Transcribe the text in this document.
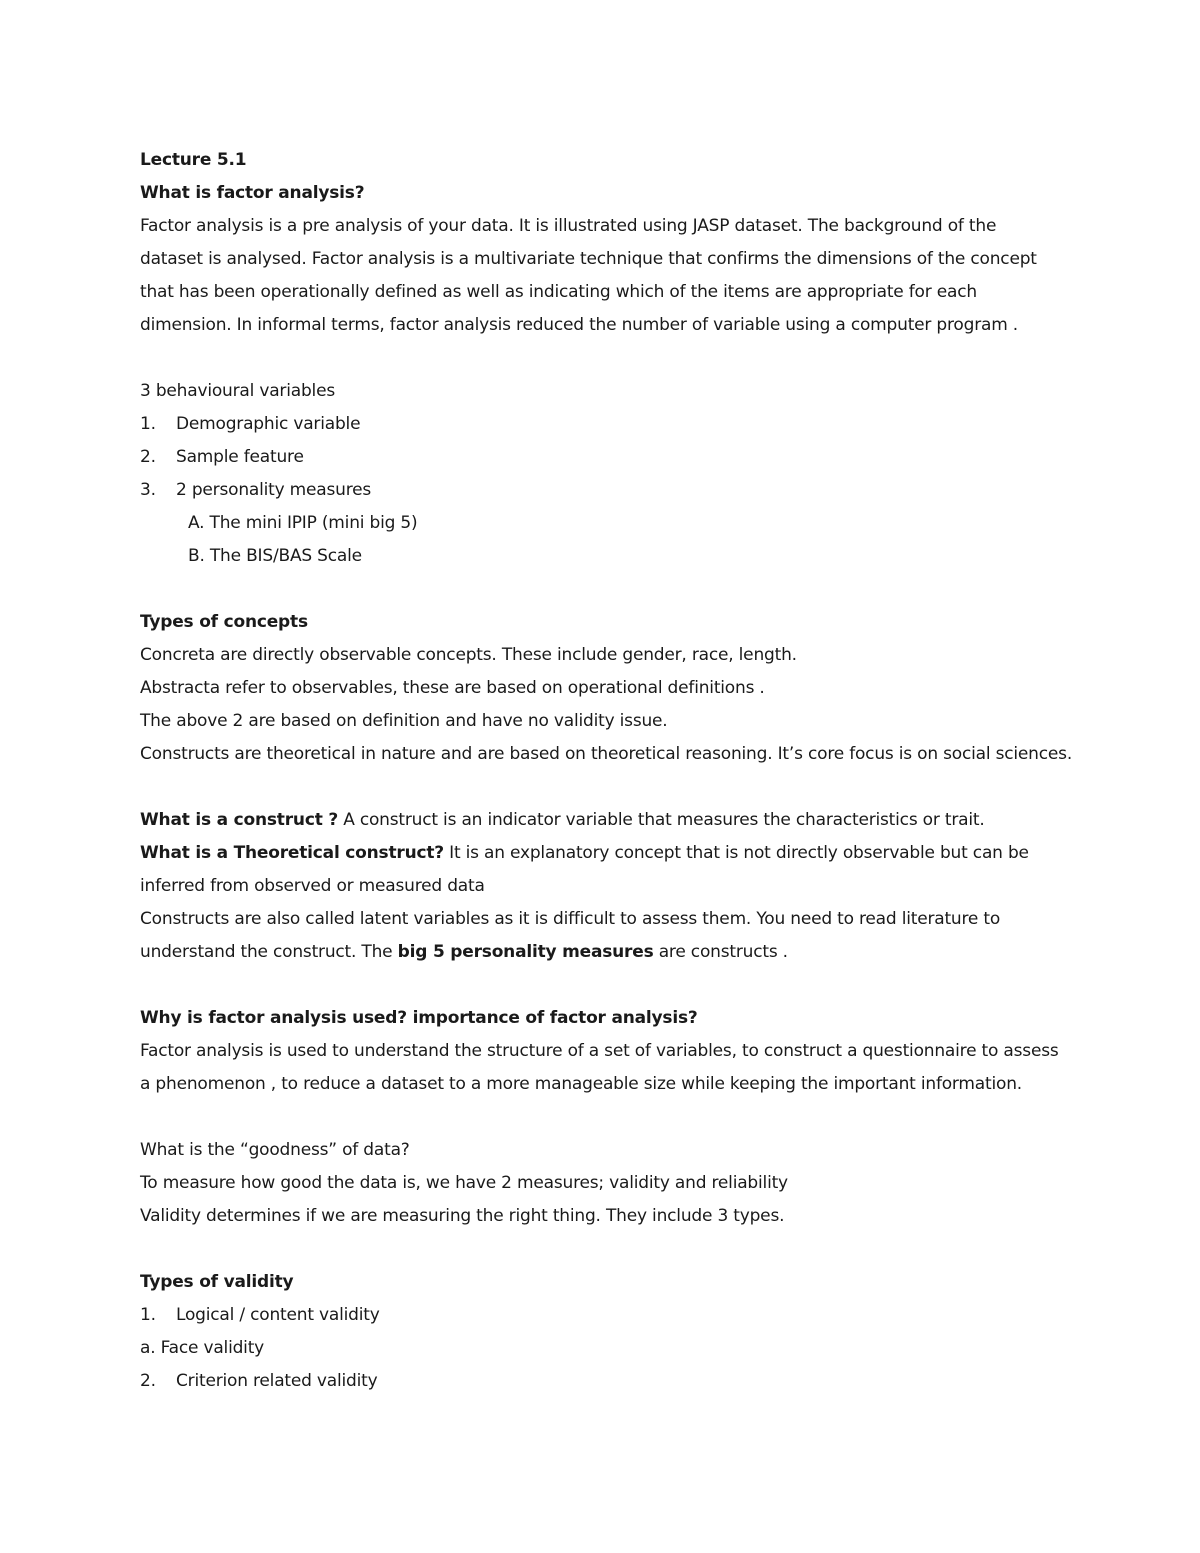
Lecture 5.1

What is factor analysis?

Factor analysis is a pre analysis of your data. It is illustrated using JASP dataset. The background of the dataset is analysed. Factor analysis is a multivariate technique that confirms the dimensions of the concept that has been operationally defined as well as indicating which of the items are appropriate for each dimension. In informal terms, factor analysis reduced the number of variable using a computer program .

3 behavioural variables

1. Demographic variable
2. Sample feature
3. 2 personality measures
A. The mini IPIP (mini big 5)
B. The BIS/BAS Scale

Types of concepts

Concreta are directly observable concepts. These include gender, race, length.

Abstracta refer to observables, these are based on operational definitions .

The above 2 are based on definition and have no validity issue.

Constructs are theoretical in nature and are based on theoretical reasoning. It’s core focus is on social sciences.

What is a construct ? A construct is an indicator variable that measures the characteristics or trait.

What is a Theoretical construct? It is an explanatory concept that is not directly observable but can be inferred from observed or measured data

Constructs are also called latent variables as it is difficult to assess them. You need to read literature to understand the construct. The big 5 personality measures are constructs .

Why is factor analysis used? importance of factor analysis?

Factor analysis is used to understand the structure of a set of variables, to construct a questionnaire to assess a phenomenon , to reduce a dataset to a more manageable size while keeping the important information.

What is the “goodness” of data?

To measure how good the data is, we have 2 measures; validity and reliability

Validity determines if we are measuring the right thing. They include 3 types.

Types of validity

1. Logical / content validity

a. Face validity

2. Criterion related validity
